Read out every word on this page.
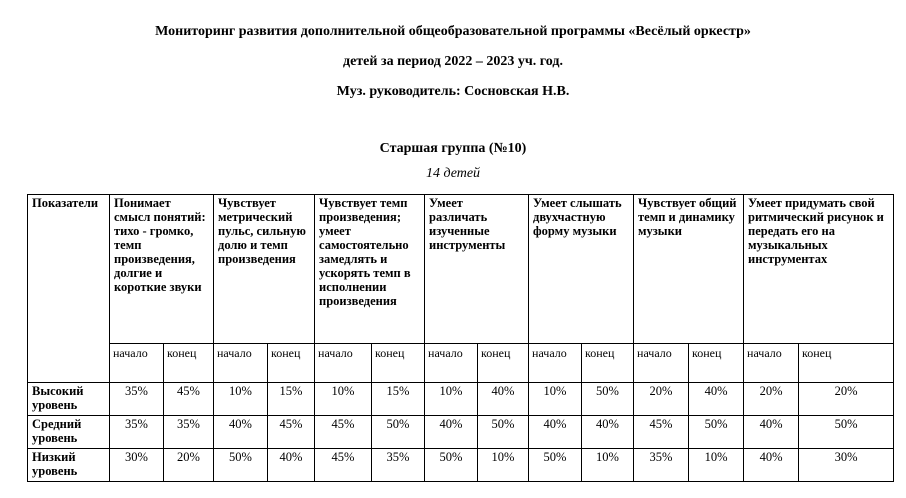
Мониторинг развития дополнительной общеобразовательной программы «Весёлый оркестр»
детей за период 2022 – 2023 уч. год.
Муз. руководитель: Сосновская Н.В.
Старшая группа (№10)
14 детей
Показатели	Понимает смысл понятий: тихо - громко, темп произведения, долгие и короткие звуки		Чувствует метрический пульс, сильную долю и темп произведения		Чувствует темп произведения; умеет самостоятельно замедлять и ускорять темп в исполнении произведения		Умеет различать изученные инструменты		Умеет слышать двухчастную форму музыки		Чувствует общий темп и динамику музыки		Умеет придумать свой ритмический рисунок и передать его на музыкальных инструментах	
	начало	конец	начало	конец	начало	конец	начало	конец	начало	конец	начало	конец	начало	конец
Высокий уровень	35%	45%	10%	15%	10%	15%	10%	40%	10%	50%	20%	40%	20%	20%
Средний уровень	35%	35%	40%	45%	45%	50%	40%	50%	40%	40%	45%	50%	40%	50%
Низкий уровень	30%	20%	50%	40%	45%	35%	50%	10%	50%	10%	35%	10%	40%	30%
